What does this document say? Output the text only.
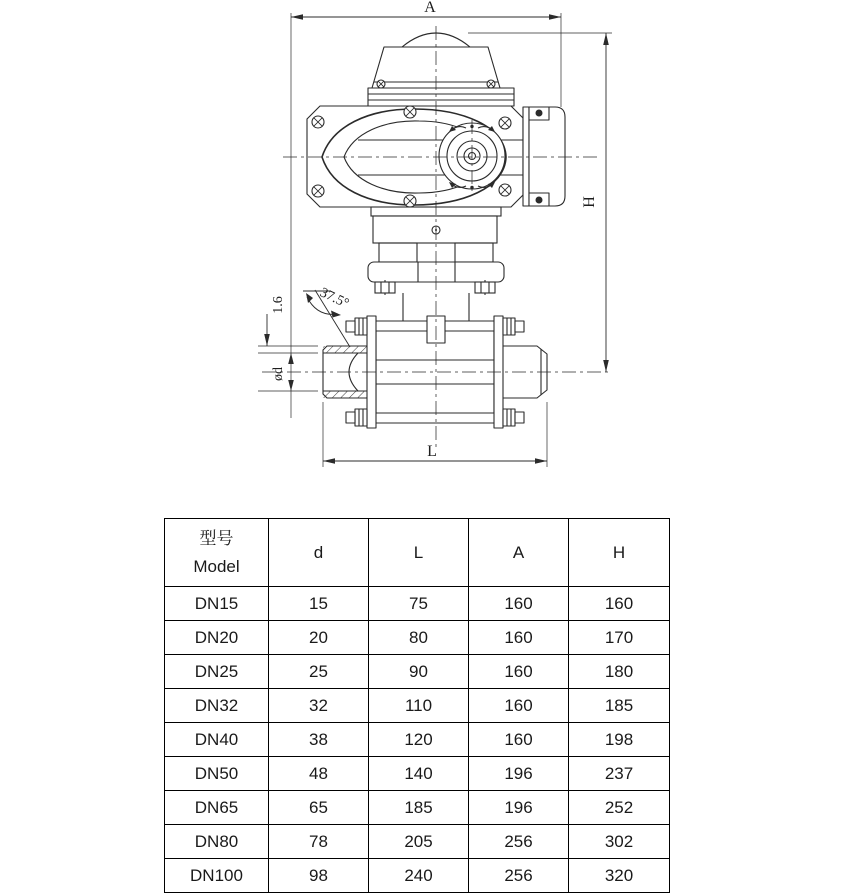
A
H
L
ød
1.6 37.5°
型号
Model	d	L	A	H
DN15	15	75	160	160
DN20	20	80	160	170
DN25	25	90	160	180
DN32	32	110	160	185
DN40	38	120	160	198
DN50	48	140	196	237
DN65	65	185	196	252
DN80	78	205	256	302
DN100	98	240	256	320
